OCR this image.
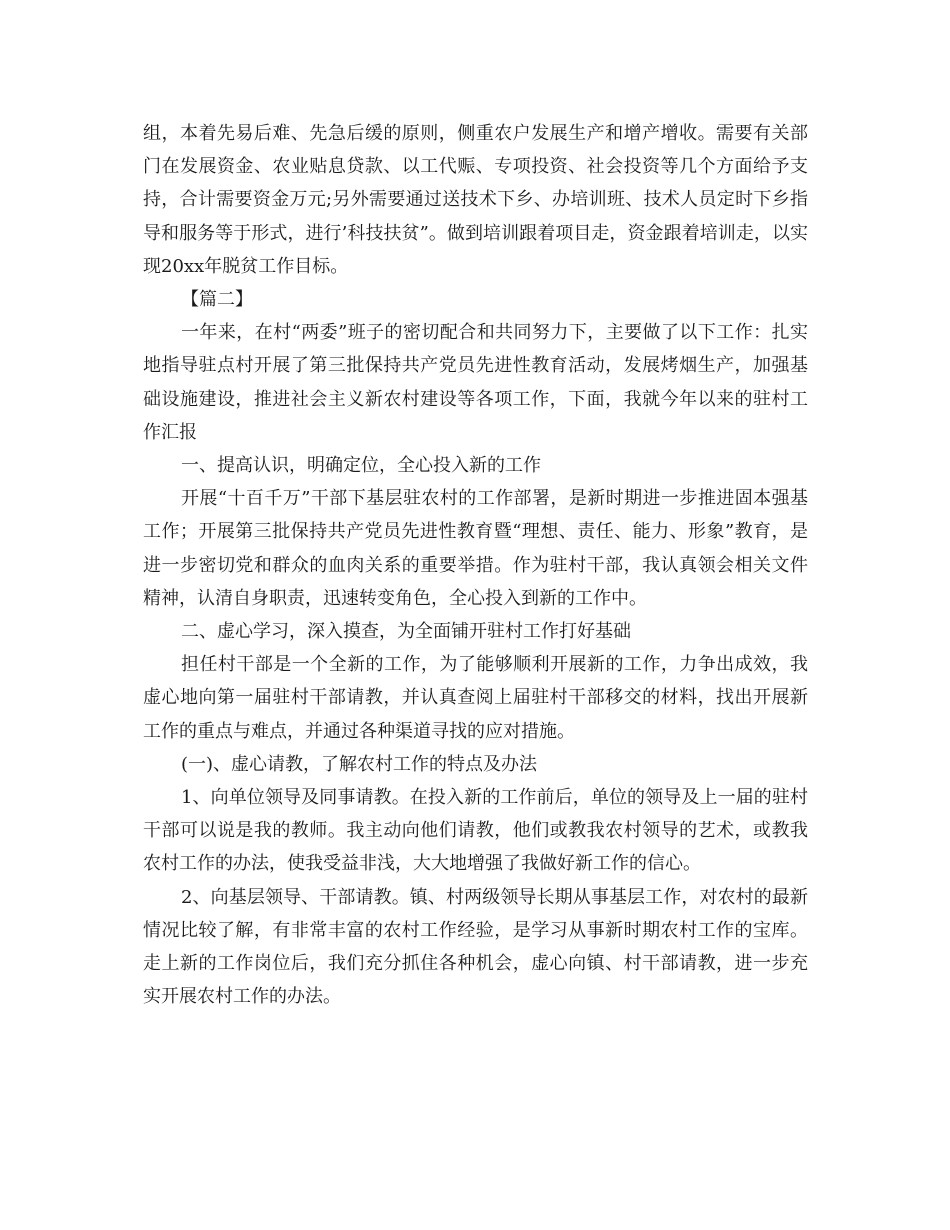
组，本着先易后难、先急后缓的原则，侧重农户发展生产和增产增收。需要有关部门在发展资金、农业贴息贷款、以工代赈、专项投资、社会投资等几个方面给予支持，合计需要资金万元;另外需要通过送技术下乡、办培训班、技术人员定时下乡指导和服务等于形式，进行’科技扶贫”。做到培训跟着项目走，资金跟着培训走，以实现20xx年脱贫工作目标。

【篇二】

一年来，在村“两委”班子的密切配合和共同努力下，主要做了以下工作：扎实地指导驻点村开展了第三批保持共产党员先进性教育活动，发展烤烟生产，加强基础设施建设，推进社会主义新农村建设等各项工作，下面，我就今年以来的驻村工作汇报

一、提高认识，明确定位，全心投入新的工作

开展“十百千万”干部下基层驻农村的工作部署，是新时期进一步推进固本强基工作；开展第三批保持共产党员先进性教育暨“理想、责任、能力、形象”教育，是进一步密切党和群众的血肉关系的重要举措。作为驻村干部，我认真领会相关文件精神，认清自身职责，迅速转变角色，全心投入到新的工作中。

二、虚心学习，深入摸查，为全面铺开驻村工作打好基础

担任村干部是一个全新的工作，为了能够顺利开展新的工作，力争出成效，我虚心地向第一届驻村干部请教，并认真查阅上届驻村干部移交的材料，找出开展新工作的重点与难点，并通过各种渠道寻找的应对措施。

(一)、虚心请教，了解农村工作的特点及办法

1、向单位领导及同事请教。在投入新的工作前后，单位的领导及上一届的驻村干部可以说是我的教师。我主动向他们请教，他们或教我农村领导的艺术，或教我农村工作的办法，使我受益非浅，大大地增强了我做好新工作的信心。

2、向基层领导、干部请教。镇、村两级领导长期从事基层工作，对农村的最新情况比较了解，有非常丰富的农村工作经验，是学习从事新时期农村工作的宝库。走上新的工作岗位后，我们充分抓住各种机会，虚心向镇、村干部请教，进一步充实开展农村工作的办法。
